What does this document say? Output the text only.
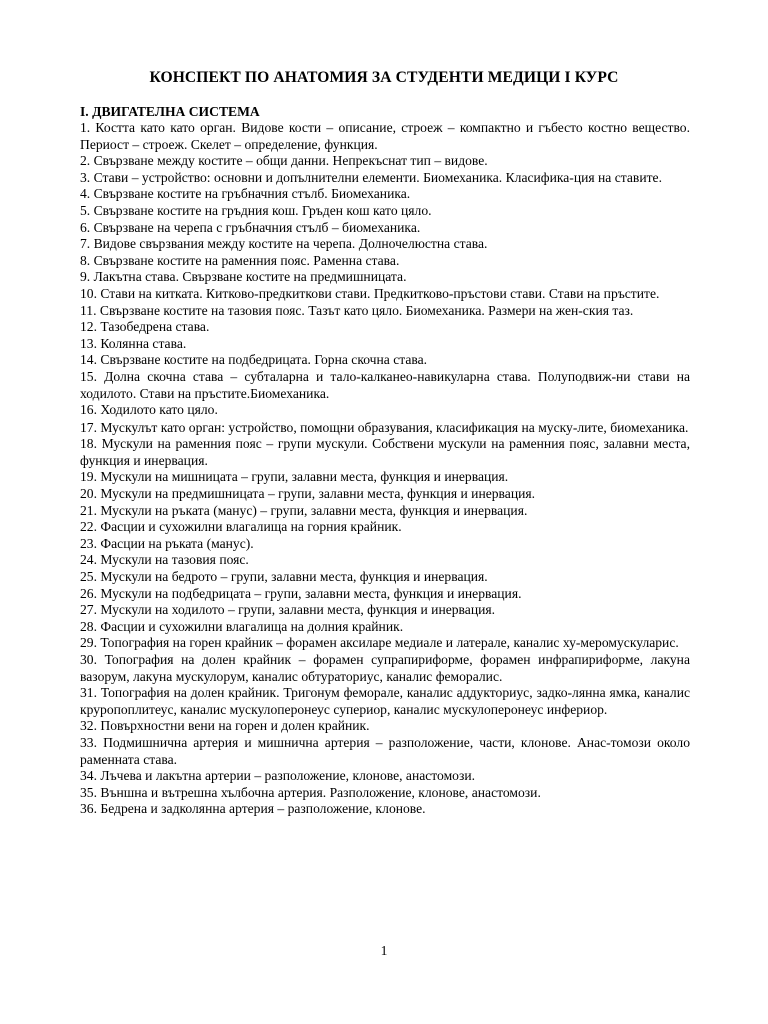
КОНСПЕКТ ПО АНАТОМИЯ ЗА СТУДЕНТИ МЕДИЦИ I КУРС
I. ДВИГАТЕЛНА СИСТЕМА
1. Костта като като орган. Видове кости – описание, строеж – компактно и гъбесто костно вещество. Периост – строеж. Скелет – определение, функция.
2. Свързване между костите – общи данни. Непрекъснат тип – видове.
3. Стави – устройство: основни и допълнителни елементи. Биомеханика. Класифика-ция на ставите.
4. Свързване костите на гръбначния стълб. Биомеханика.
5. Свързване костите на гръдния кош. Гръден кош като цяло.
6. Свързване на черепа с гръбначния стълб – биомеханика.
7. Видове свързвания между костите на черепа. Долночелюстна става.
8. Свързване костите на раменния пояс. Раменна става.
9. Лакътна става. Свързване костите на предмишницата.
10. Стави на китката. Китково-предкиткови стави. Предкитково-пръстови стави. Стави на пръстите.
11. Свързване костите на тазовия пояс. Тазът като цяло. Биомеханика. Размери на жен-ския таз.
12. Тазобедрена става.
13. Колянна става.
14. Свързване костите на подбедрицата. Горна скочна става.
15. Долна скочна става – субталарна и тало-калканео-навикуларна става. Полуподвиж-ни стави на ходилото. Стави на пръстите.Биомеханика.
16. Ходилото като цяло.
17. Мускулът като орган: устройство, помощни образувания, класификация на муску-лите, биомеханика.
18. Мускули на раменния пояс – групи мускули. Собствени мускули на раменния пояс, залавни места, функция и инервация.
19. Мускули на мишницата – групи, залавни места, функция и инервация.
20. Мускули на предмишницата – групи, залавни места, функция и инервация.
21. Мускули на ръката (манус) – групи, залавни места, функция и инервация.
22. Фасции и сухожилни влагалища на горния крайник.
23. Фасции на ръката (манус).
24. Мускули на тазовия пояс.
25. Мускули на бедрото – групи, залавни места, функция и инервация.
26. Мускули на подбедрицата – групи, залавни места, функция и инервация.
27. Мускули на ходилото – групи, залавни места, функция и инервация.
28. Фасции и сухожилни влагалища на долния крайник.
29. Топография на горен крайник – форамен аксиларе медиале и латерале, каналис ху-меромускуларис.
30. Топография на долен крайник – форамен супрапириформе, форамен инфрапириформе, лакуна вазорум, лакуна мускулорум, каналис обтураториус, каналис феморалис.
31. Топография на долен крайник. Тригонум феморале, каналис аддукториус, задко-лянна ямка, каналис круропоплитеус, каналис мускулоперонеус супериор, каналис мускулоперонеус инфериор.
32. Повърхностни вени на горен и долен крайник.
33. Подмишнична артерия и мишнична артерия – разположение, части, клонове. Анас-томози около раменната става.
34. Лъчева и лакътна артерии – разположение, клонове, анастомози.
35. Външна и вътрешна хълбочна артерия. Разположение, клонове, анастомози.
36. Бедрена и задколянна артерия – разположение, клонове.
1
